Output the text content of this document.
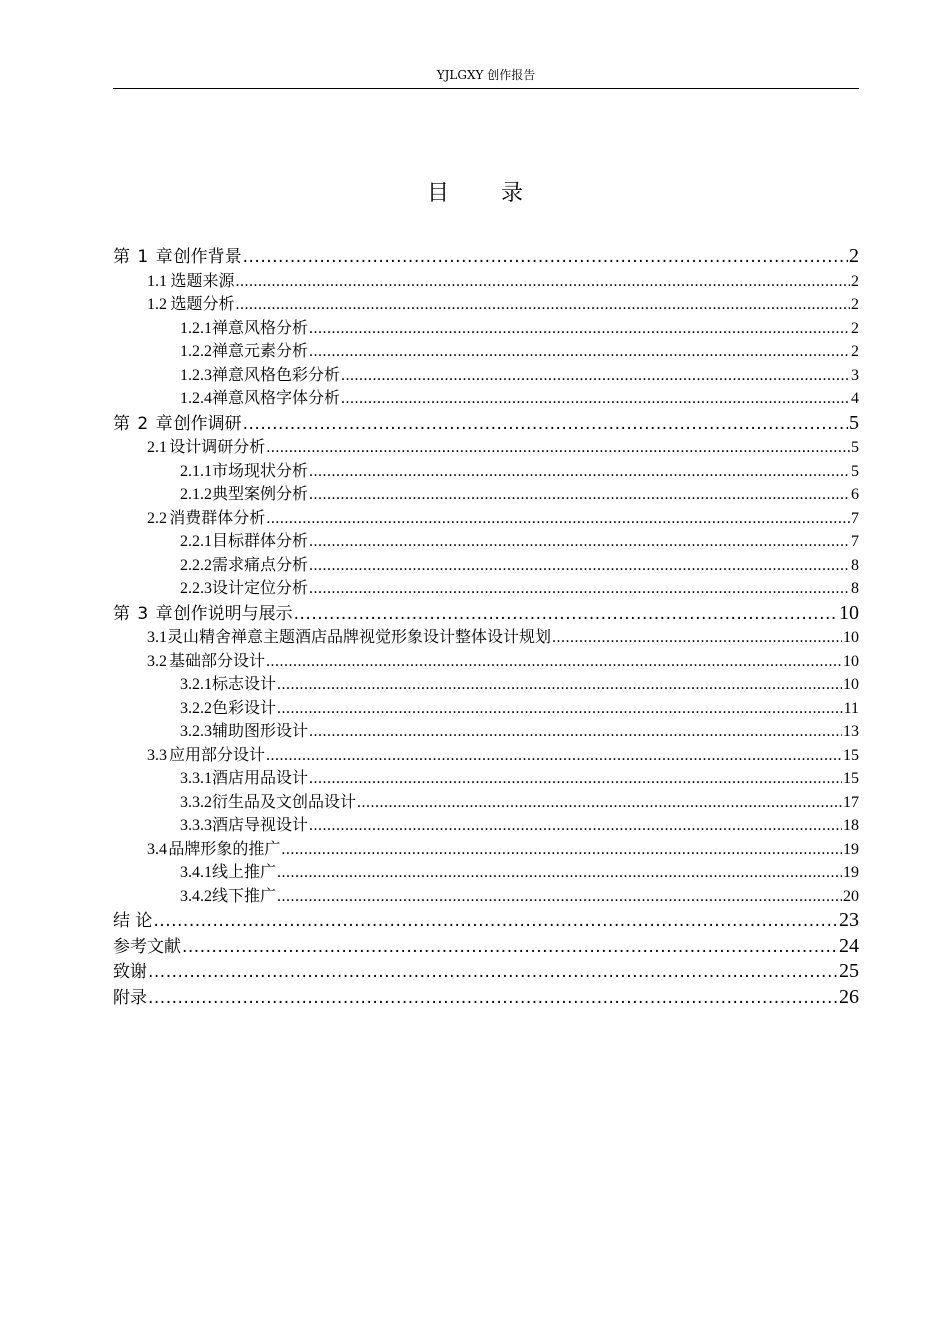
YJLGXY 创作报告
目 录
第 1 章 创作背景 .....	2
1.1 选题来源 .....	2
1.2 选题分析 .....	2
1.2.1 禅意风格分析 .....	2
1.2.2 禅意元素分析 .....	2
1.2.3 禅意风格色彩分析 .....	3
1.2.4 禅意风格字体分析 .....	4
第 2 章 创作调研 .....	5
2.1 设计调研分析 .....	5
2.1.1 市场现状分析 .....	5
2.1.2 典型案例分析 .....	6
2.2 消费群体分析 .....	7
2.2.1 目标群体分析 .....	7
2.2.2 需求痛点分析 .....	8
2.2.3 设计定位分析 .....	8
第 3 章 创作说明与展示 .....	10
3.1 灵山精舍禅意主题酒店品牌视觉形象设计整体设计规划 .....	10
3.2 基础部分设计 .....	10
3.2.1 标志设计 .....	10
3.2.2 色彩设计 .....	11
3.2.3 辅助图形设计 .....	13
3.3 应用部分设计 .....	15
3.3.1 酒店用品设计 .....	15
3.3.2 衍生品及文创品设计 .....	17
3.3.3 酒店导视设计 .....	18
3.4 品牌形象的推广 .....	19
3.4.1 线上推广 .....	19
3.4.2 线下推广 .....	20
结 论 .....	23
参考文献 .....	24
致谢 .....	25
附录 .....	26
